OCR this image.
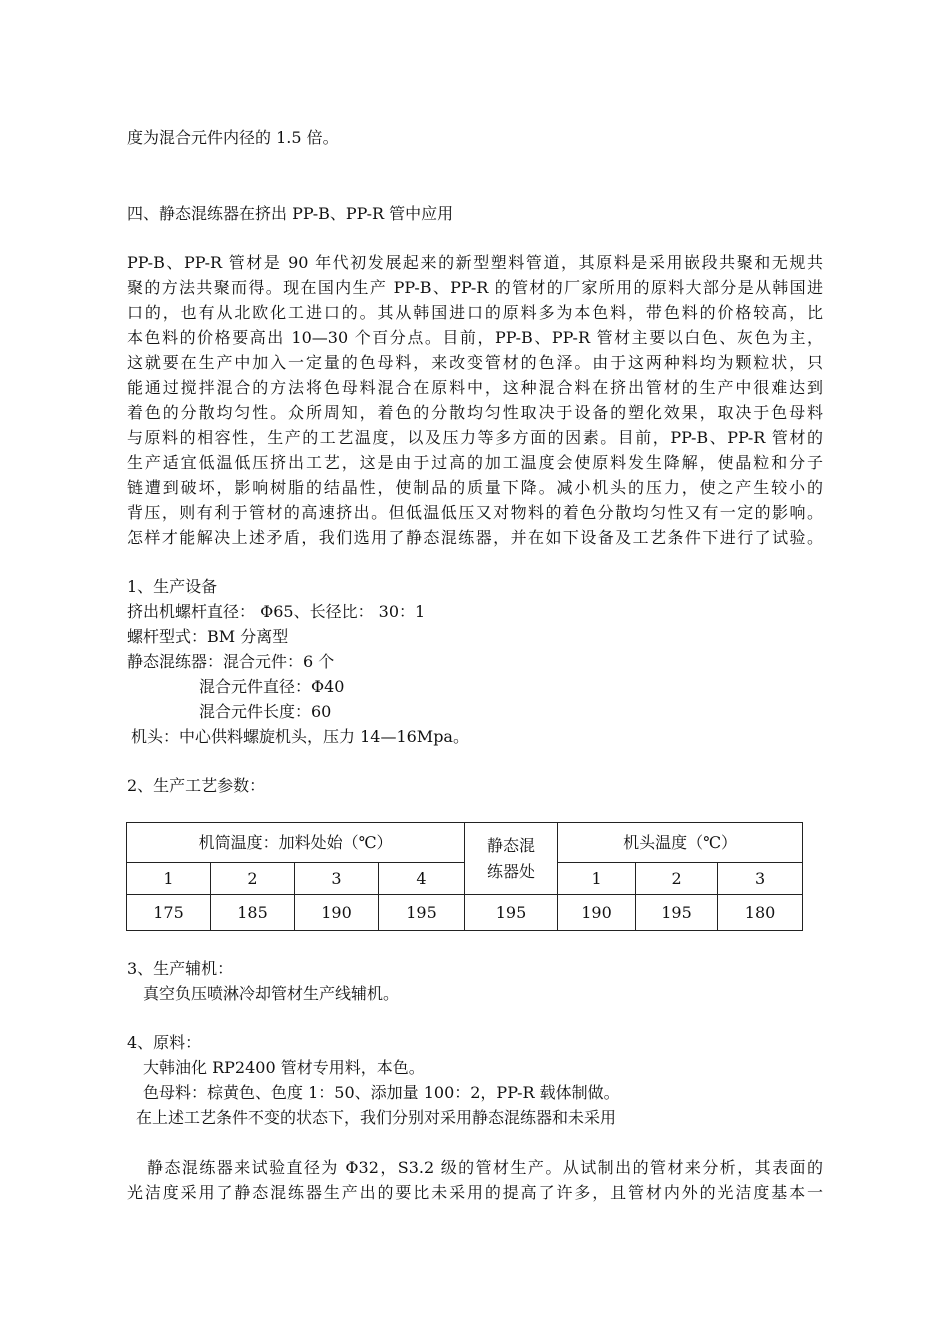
度为混合元件内径的 1.5 倍。
四、静态混练器在挤出 PP-B、PP-R 管中应用
PP-B、PP-R 管材是 90 年代初发展起来的新型塑料管道，其原料是采用嵌段共聚和无规共
聚的方法共聚而得。现在国内生产 PP-B、PP-R 的管材的厂家所用的原料大部分是从韩国进
口的，也有从北欧化工进口的。其从韩国进口的原料多为本色料，带色料的价格较高，比
本色料的价格要高出 10—30 个百分点。目前，PP-B、PP-R 管材主要以白色、灰色为主，
这就要在生产中加入一定量的色母料，来改变管材的色泽。由于这两种料均为颗粒状，只
能通过搅拌混合的方法将色母料混合在原料中，这种混合料在挤出管材的生产中很难达到
着色的分散均匀性。众所周知，着色的分散均匀性取决于设备的塑化效果，取决于色母料
与原料的相容性，生产的工艺温度，以及压力等多方面的因素。目前，PP-B、PP-R 管材的
生产适宜低温低压挤出工艺，这是由于过高的加工温度会使原料发生降解，使晶粒和分子
链遭到破坏，影响树脂的结晶性，使制品的质量下降。减小机头的压力，使之产生较小的
背压，则有利于管材的高速挤出。但低温低压又对物料的着色分散均匀性又有一定的影响。
怎样才能解决上述矛盾，我们选用了静态混练器，并在如下设备及工艺条件下进行了试验。
1、生产设备
挤出机螺杆直径： Φ65、长径比： 30：1
螺杆型式：BM 分离型
静态混练器：混合元件：6 个
混合元件直径：Φ40
混合元件长度：60
机头：中心供料螺旋机头，压力 14—16Mpa。
2、生产工艺参数：
机筒温度：加料处始（℃）				静态混练器处	机头温度（℃）		
1	2	3	4		1	2	3
175	185	190	195	195	190	195	180
3、生产辅机：
真空负压喷淋冷却管材生产线辅机。
4、原料：
大韩油化 RP2400 管材专用料，本色。
色母料：棕黄色、色度 1：50、添加量 100：2，PP-R 载体制做。
在上述工艺条件不变的状态下，我们分别对采用静态混练器和未采用
静态混练器来试验直径为 Φ32，S3.2 级的管材生产。从试制出的管材来分析，其表面的
光洁度采用了静态混练器生产出的要比未采用的提高了许多，且管材内外的光洁度基本一
